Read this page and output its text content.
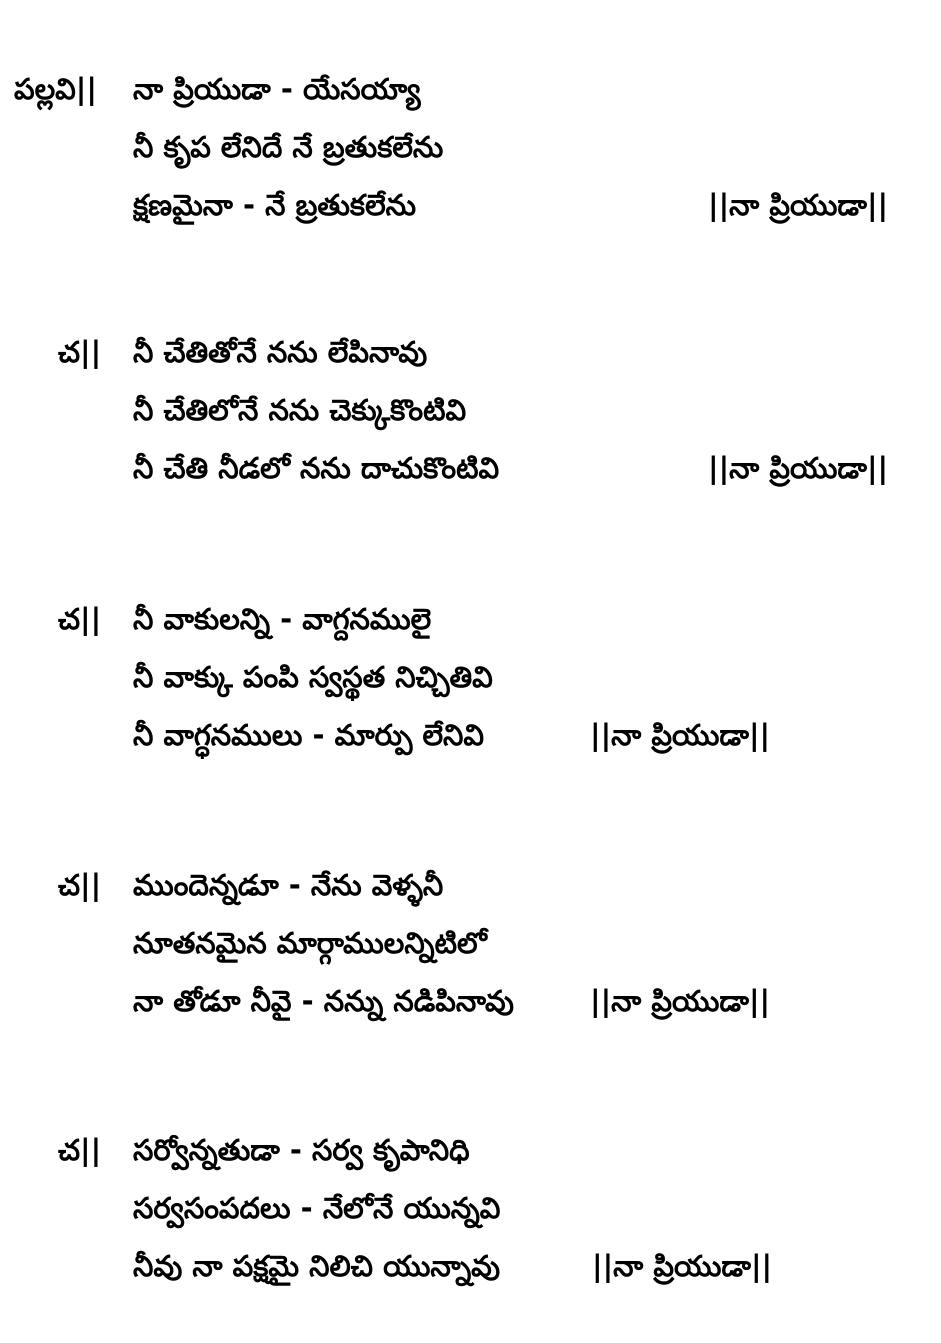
పల్లవి||	నా ప్రియుడా - యేసయ్యా
నీ కృప లేనిదే నే బ్రతుకలేను
క్షణమైనా - నే బ్రతుకలేను	||నా ప్రియుడా||
చ||	నీ చేతితోనే నను లేపినావు
నీ చేతిలోనే నను చెక్కుకొంటివి
నీ చేతి నీడలో నను దాచుకొంటివి	||నా ప్రియుడా||
చ||	నీ వాకులన్ని - వాగ్దనములై
నీ వాక్కు పంపి స్వస్థత నిచ్చితివి
నీ వాగ్ధనములు - మార్పు లేనివి	||నా ప్రియుడా||
చ||	ముందెన్నడూ - నేను వెళ్ళనీ
నూతనమైన మార్గాములన్నిటిలో
నా తోడూ నీవై - నన్ను నడిపినావు	||నా ప్రియుడా||
చ||	సర్వోన్నతుడా - సర్వ కృపానిధి
సర్వసంపదలు - నేలోనే యున్నవి
నీవు నా పక్షమై నిలిచి యున్నావు	||నా ప్రియుడా||
